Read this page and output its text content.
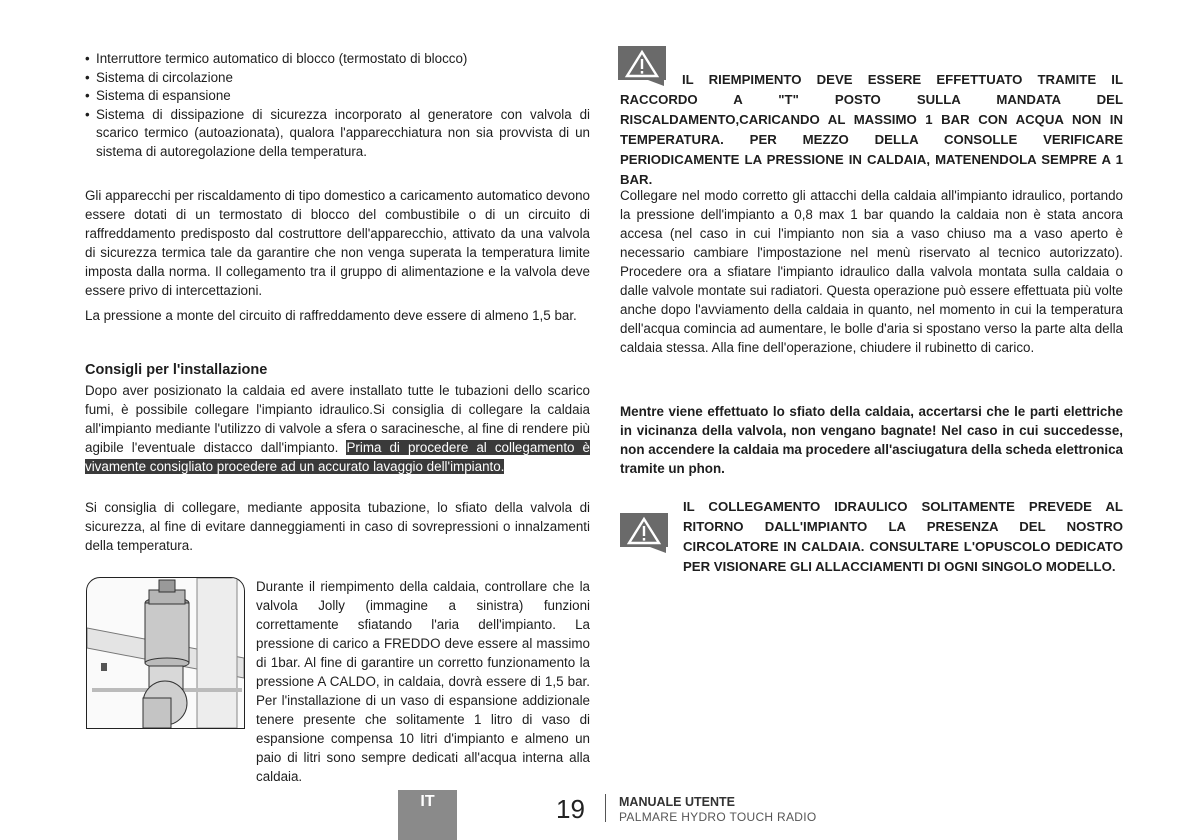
• Interruttore termico automatico di blocco (termostato di blocco)
• Sistema di circolazione
• Sistema di espansione
• Sistema di dissipazione di sicurezza incorporato al generatore con valvola di scarico termico (autoazionata), qualora l'apparecchiatura non sia provvista di un sistema di autoregolazione della temperatura.

Gli apparecchi per riscaldamento di tipo domestico a caricamento automatico devono essere dotati di un termostato di blocco del combustibile o di un circuito di raffreddamento predisposto dal costruttore dell'apparecchio, attivato da una valvola di sicurezza termica tale da garantire che non venga superata la temperatura limite imposta dalla norma. Il collegamento tra il gruppo di alimentazione e la valvola deve essere privo di intercettazioni.

La pressione a monte del circuito di raffreddamento deve essere di almeno 1,5 bar.

Consigli per l'installazione

Dopo aver posizionato la caldaia ed avere installato tutte le tubazioni dello scarico fumi, è possibile collegare l'impianto idraulico.Si consiglia di collegare la caldaia all'impianto mediante l'utilizzo di valvole a sfera o saracinesche, al fine di rendere più agibile l'eventuale distacco dall'impianto. Prima di procedere al collegamento è vivamente consigliato procedere ad un accurato lavaggio dell'impianto.

Si consiglia di collegare, mediante apposita tubazione, lo sfiato della valvola di sicurezza, al fine di evitare danneggiamenti in caso di sovrepressioni o innalzamenti della temperatura.

Durante il riempimento della caldaia, controllare che la valvola Jolly (immagine a sinistra) funzioni correttamente sfiatando l'aria dell'impianto. La pressione di carico a FREDDO deve essere al massimo di 1bar. Al fine di garantire un corretto funzionamento la pressione A CALDO, in caldaia, dovrà essere di 1,5 bar. Per l'installazione di un vaso di espansione addizionale tenere presente che solitamente 1 litro di vaso di espansione compensa 10 litri d'impianto e almeno un paio di litri sono sempre dedicati all'acqua interna alla caldaia.

IL RIEMPIMENTO DEVE ESSERE EFFETTUATO TRAMITE IL RACCORDO A "T" POSTO SULLA MANDATA DEL RISCALDAMENTO,CARICANDO AL MASSIMO 1 BAR CON ACQUA NON IN TEMPERATURA. PER MEZZO DELLA CONSOLLE VERIFICARE PERIODICAMENTE LA PRESSIONE IN CALDAIA, MATENENDOLA SEMPRE A 1 BAR.

Collegare nel modo corretto gli attacchi della caldaia all'impianto idraulico, portando la pressione dell'impianto a 0,8 max 1 bar quando la caldaia non è stata ancora accesa (nel caso in cui l'impianto non sia a vaso chiuso ma a vaso aperto è necessario cambiare l'impostazione nel menù riservato al tecnico autorizzato). Procedere ora a sfiatare l'impianto idraulico dalla valvola montata sulla caldaia o dalle valvole montate sui radiatori. Questa operazione può essere effettuata più volte anche dopo l'avviamento della caldaia in quanto, nel momento in cui la temperatura dell'acqua comincia ad aumentare, le bolle d'aria si spostano verso la parte alta della caldaia stessa. Alla fine dell'operazione, chiudere il rubinetto di carico.

Mentre viene effettuato lo sfiato della caldaia, accertarsi che le parti elettriche in vicinanza della valvola, non vengano bagnate! Nel caso in cui succedesse, non accendere la caldaia ma procedere all'asciugatura della scheda elettronica tramite un phon.

IL COLLEGAMENTO IDRAULICO SOLITAMENTE PREVEDE AL RITORNO DALL'IMPIANTO LA PRESENZA DEL NOSTRO CIRCOLATORE IN CALDAIA. CONSULTARE L'OPUSCOLO DEDICATO PER VISIONARE GLI ALLACCIAMENTI DI OGNI SINGOLO MODELLO.

IT	19	MANUALE UTENTE
PALMARE HYDRO TOUCH RADIO
